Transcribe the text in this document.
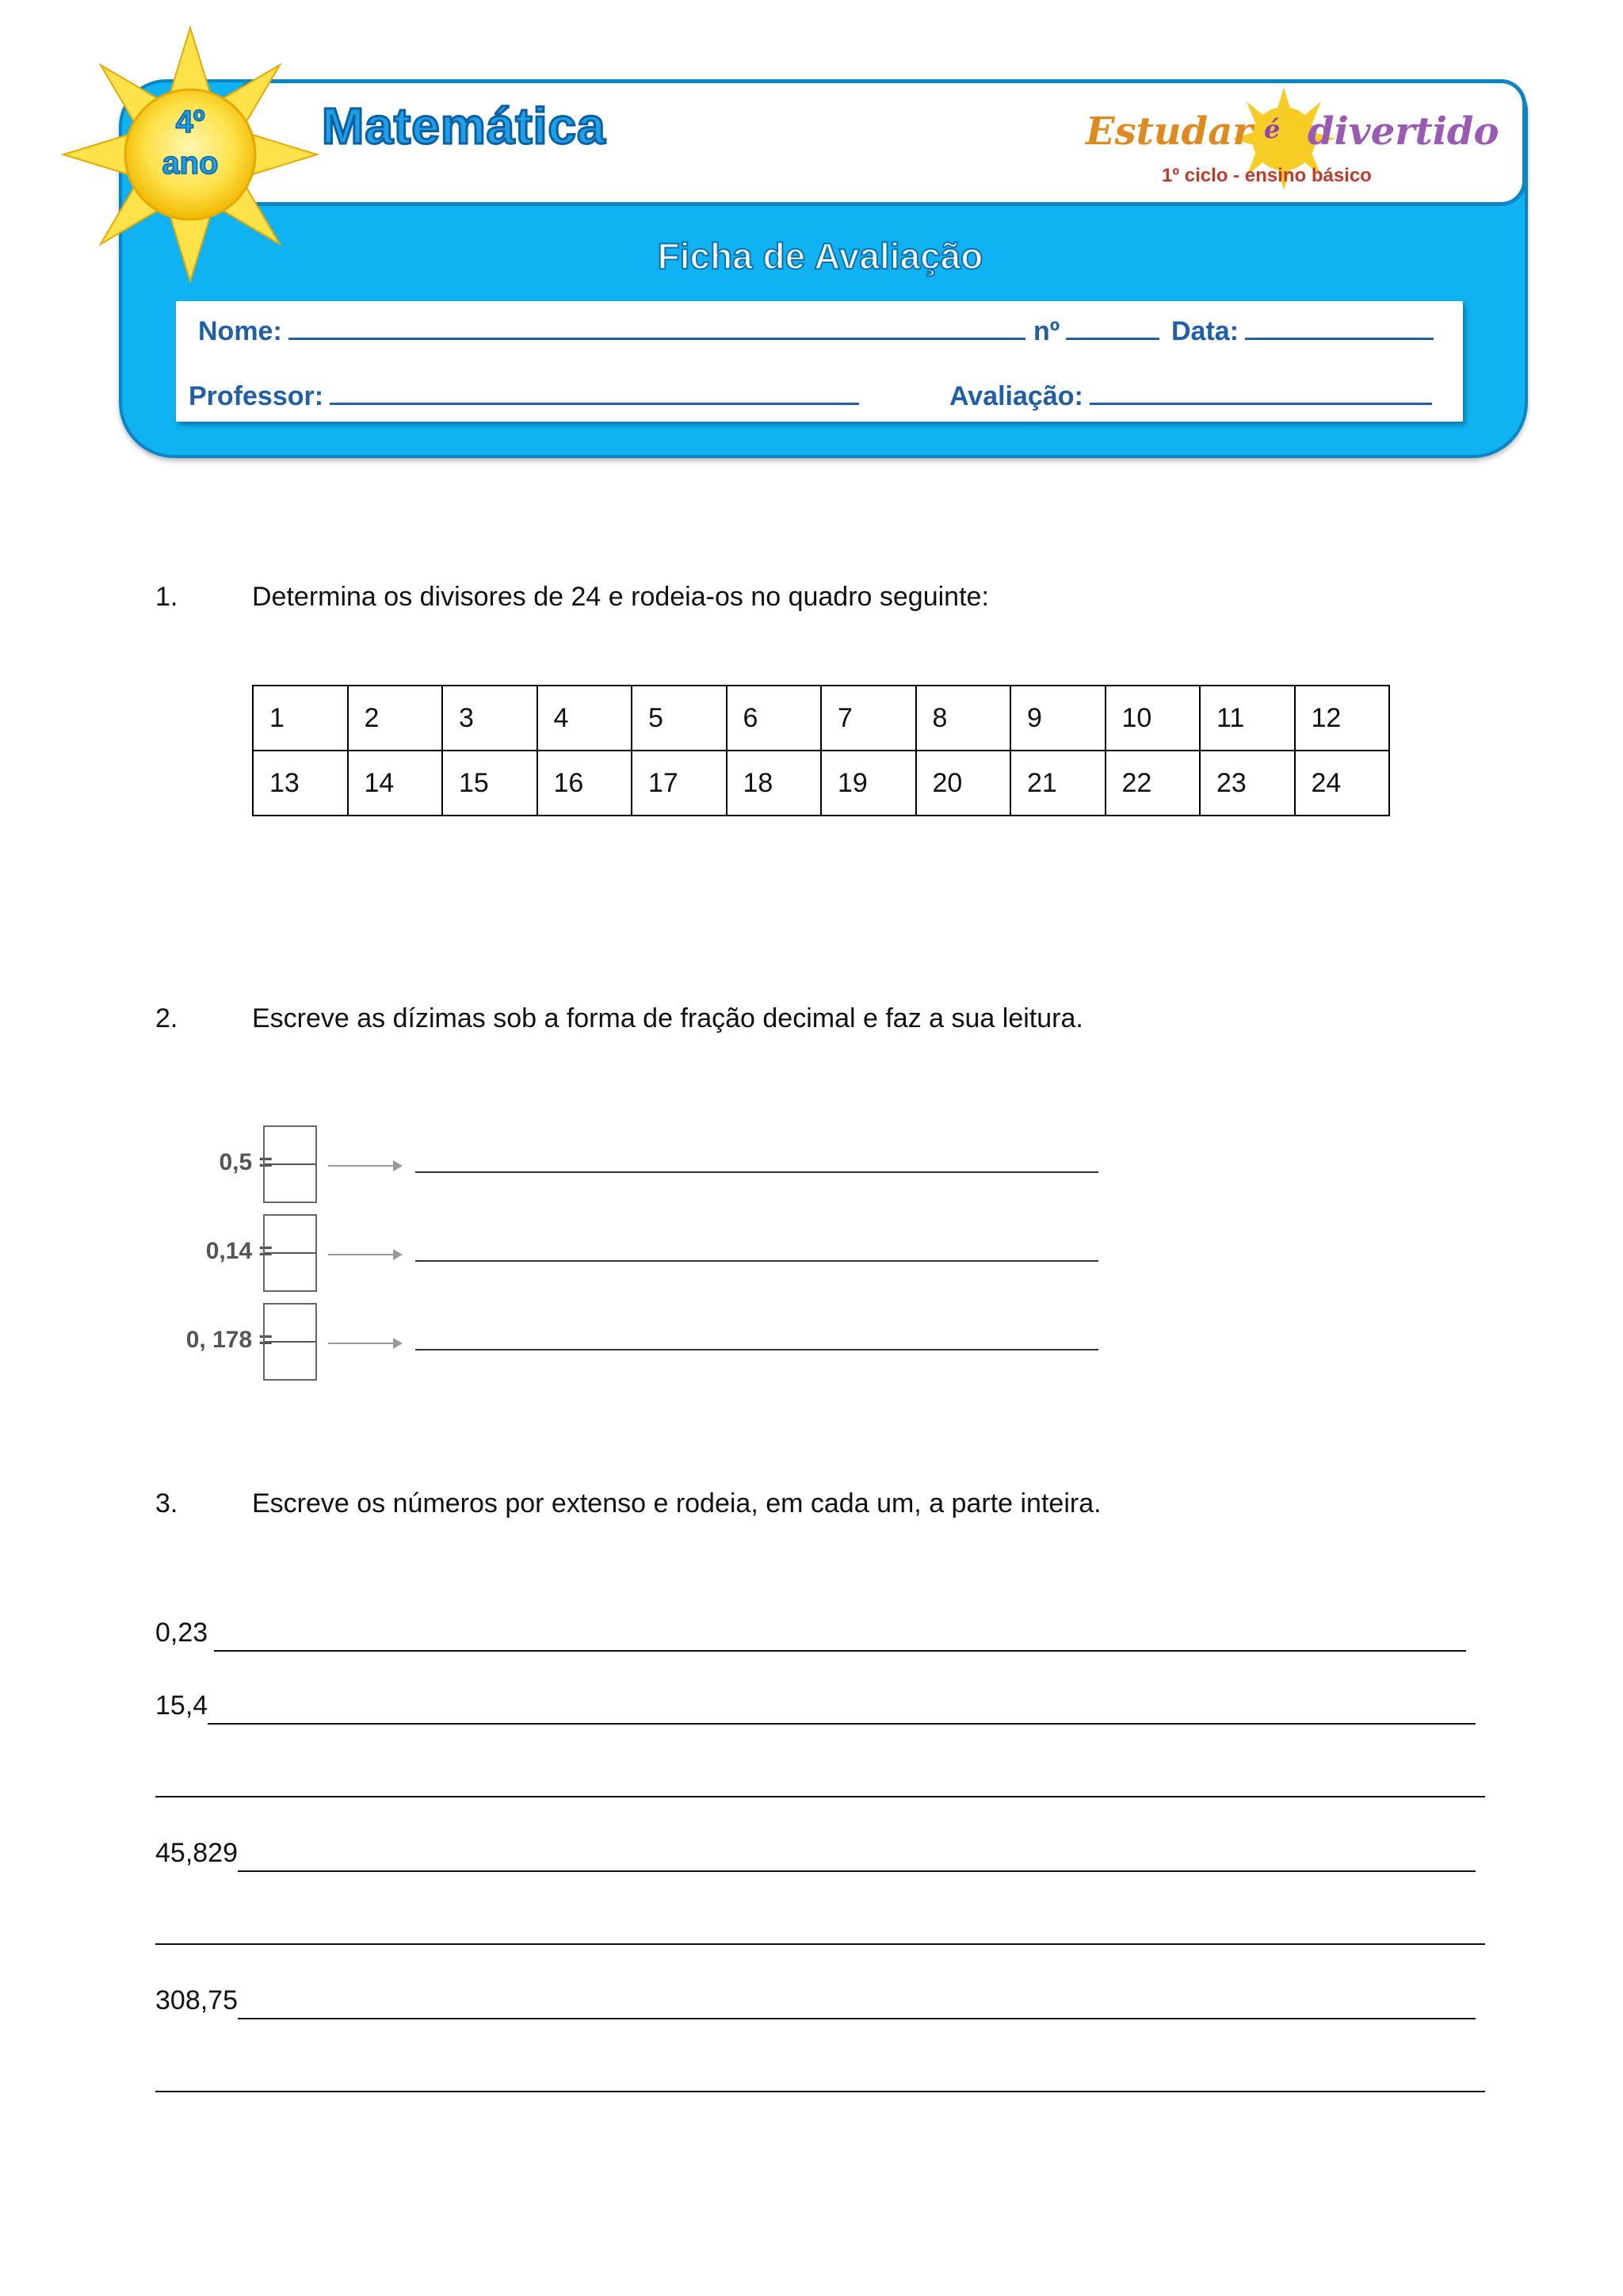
Matemática	Estudar é divertido
1º ciclo - ensino básico
4º
ano
Ficha de Avaliação
Nome:	nº	Data:
Professor:	Avaliação:
1.	Determina os divisores de 24 e rodeia-os no quadro seguinte:
1	2	3	4	5	6	7	8	9	10	11	12
13	14	15	16	17	18	19	20	21	22	23	24
2.	Escreve as dízimas sob a forma de fração decimal e faz a sua leitura.
0,5 =
0,14 =
0, 178 =
3.	Escreve os números por extenso e rodeia, em cada um, a parte inteira.
0,23
15,4
45,829
308,75
